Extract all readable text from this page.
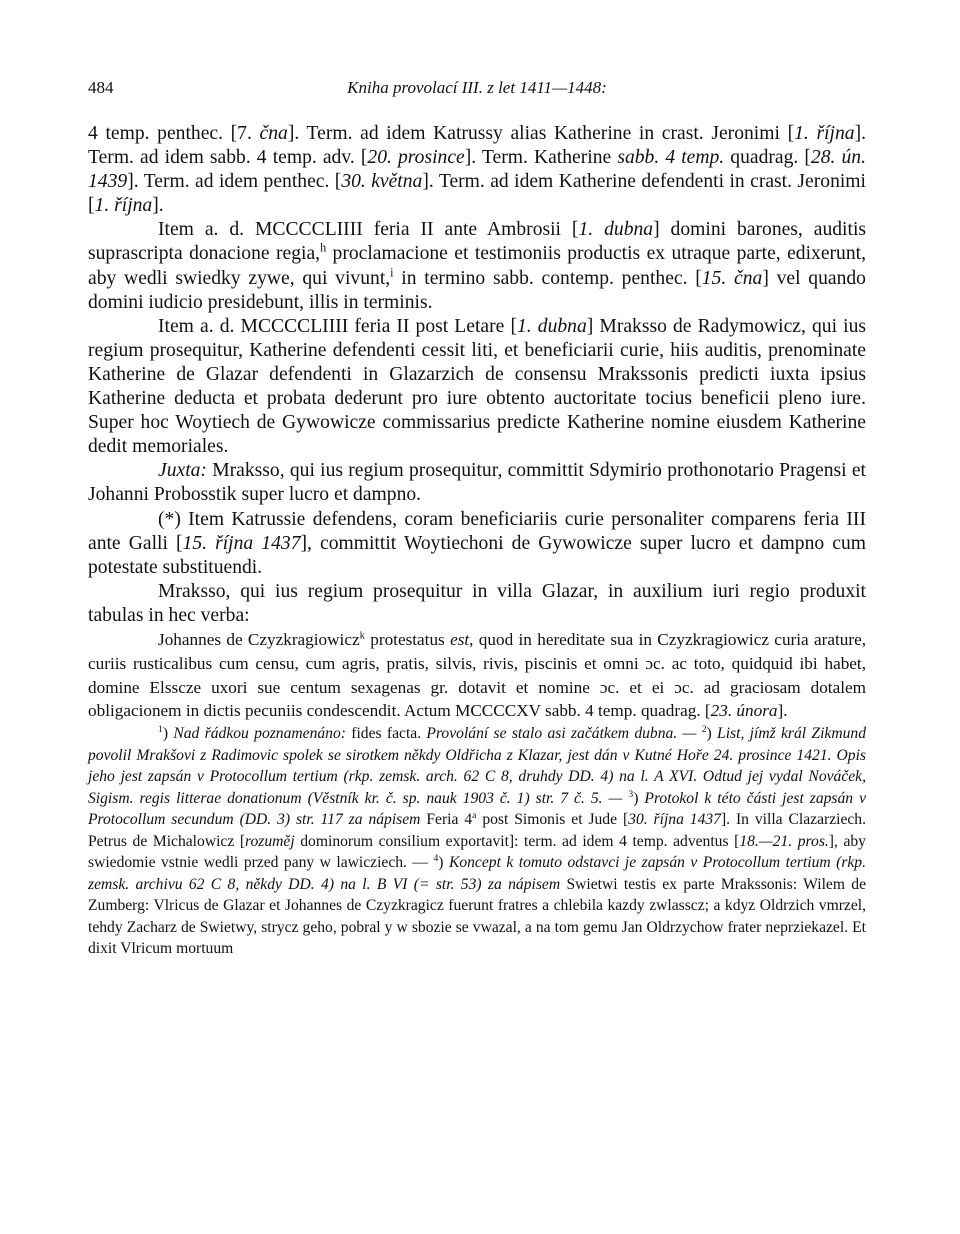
484	Kniha provolací III. z let 1411—1448:

4 temp. penthec. [7. čna]. Term. ad idem Katrussy alias Katherine in crast. Jeronimi [1. října]. Term. ad idem sabb. 4 temp. adv. [20. prosince]. Term. Katherine sabb. 4 temp. quadrag. [28. ún. 1439]. Term. ad idem penthec. [30. května]. Term. ad idem Katherine defendenti in crast. Jeronimi [1. října].

Item a. d. MCCCCLIIII feria II ante Ambrosii [1. dubna] domini barones, auditis suprascripta donacione regia,$^h$ proclamacione et testimoniis productis ex utraque parte, edixerunt, aby wedli swiedky zywe, qui vivunt,$^i$ in termino sabb. contemp. penthec. [15. čna] vel quando domini iudicio presidebunt, illis in terminis.

Item a. d. MCCCCLIIII feria II post Letare [1. dubna] Mraksso de Radymowicz, qui ius regium prosequitur, Katherine defendenti cessit liti, et beneficiarii curie, hiis auditis, prenominate Katherine de Glazar defendenti in Glazarzich de consensu Mrakssonis predicti iuxta ipsius Katherine deducta et probata dederunt pro iure obtento auctoritate tocius beneficii pleno iure. Super hoc Woytiech de Gywowicze commissarius predicte Katherine nomine eiusdem Katherine dedit memoriales.

Juxta: Mraksso, qui ius regium prosequitur, committit Sdymirio prothonotario Pragensi et Johanni Probosstik super lucro et dampno.

(*) Item Katrussie defendens, coram beneficiariis curie personaliter comparens feria III ante Galli [15. října 1437], committit Woytiechoni de Gywowicze super lucro et dampno cum potestate substituendi.

Mraksso, qui ius regium prosequitur in villa Glazar, in auxilium iuri regio produxit tabulas in hec verba:

Johannes de Czyzkragiowicz$^k$ protestatus est, quod in hereditate sua in Czyzkragiowicz curia arature, curiis rusticalibus cum censu, cum agris, pratis, silvis, rivis, piscinis et omni ɔc. ac toto, quidquid ibi habet, domine Elsscze uxori sue centum sexagenas gr. dotavit et nomine ɔc. et ei ɔc. ad graciosam dotalem obligacionem in dictis pecuniis condescendit. Actum MCCCCXV sabb. 4 temp. quadrag. [23. února].

$^1$) Nad řádkou poznamenáno: fides facta. Provolání se stalo asi začátkem dubna. — $^2$) List, jímž král Zikmund povolil Mrakšovi z Radimovic spolek se sirotkem někdy Oldřicha z Klazar, jest dán v Kutné Hoře 24. prosince 1421. Opis jeho jest zapsán v Protocollum tertium (rkp. zemsk. arch. 62 C 8, druhdy DD. 4) na l. A XVI. Odtud jej vydal Nováček, Sigism. regis litterae donationum (Věstník kr. č. sp. nauk 1903 č. 1) str. 7 č. 5. — $^3$) Protokol k této části jest zapsán v Protocollum secundum (DD. 3) str. 117 za nápisem Feria 4$^a$ post Simonis et Jude [30. října 1437]. In villa Clazarziech. Petrus de Michalowicz [rozuměj dominorum consilium exportavit]: term. ad idem 4 temp. adventus [18.—21. pros.], aby swiedomie vstnie wedli przed pany w lawicziech. — $^4$) Koncept k tomuto odstavci je zapsán v Protocollum tertium (rkp. zemsk. archivu 62 C 8, někdy DD. 4) na l. B VI (= str. 53) za nápisem Swietwi testis ex parte Mrakssonis: Wilem de Zumberg: Vlricus de Glazar et Johannes de Czyzkragicz fuerunt fratres a chlebila kazdy zwlasscz; a kdyz Oldrzich vmrzel, tehdy Zacharz de Swietwy, strycz geho, pobral y w sbozie se vwazal, a na tom gemu Jan Oldrzychow frater neprziekazel. Et dixit Vlricum mortuum
